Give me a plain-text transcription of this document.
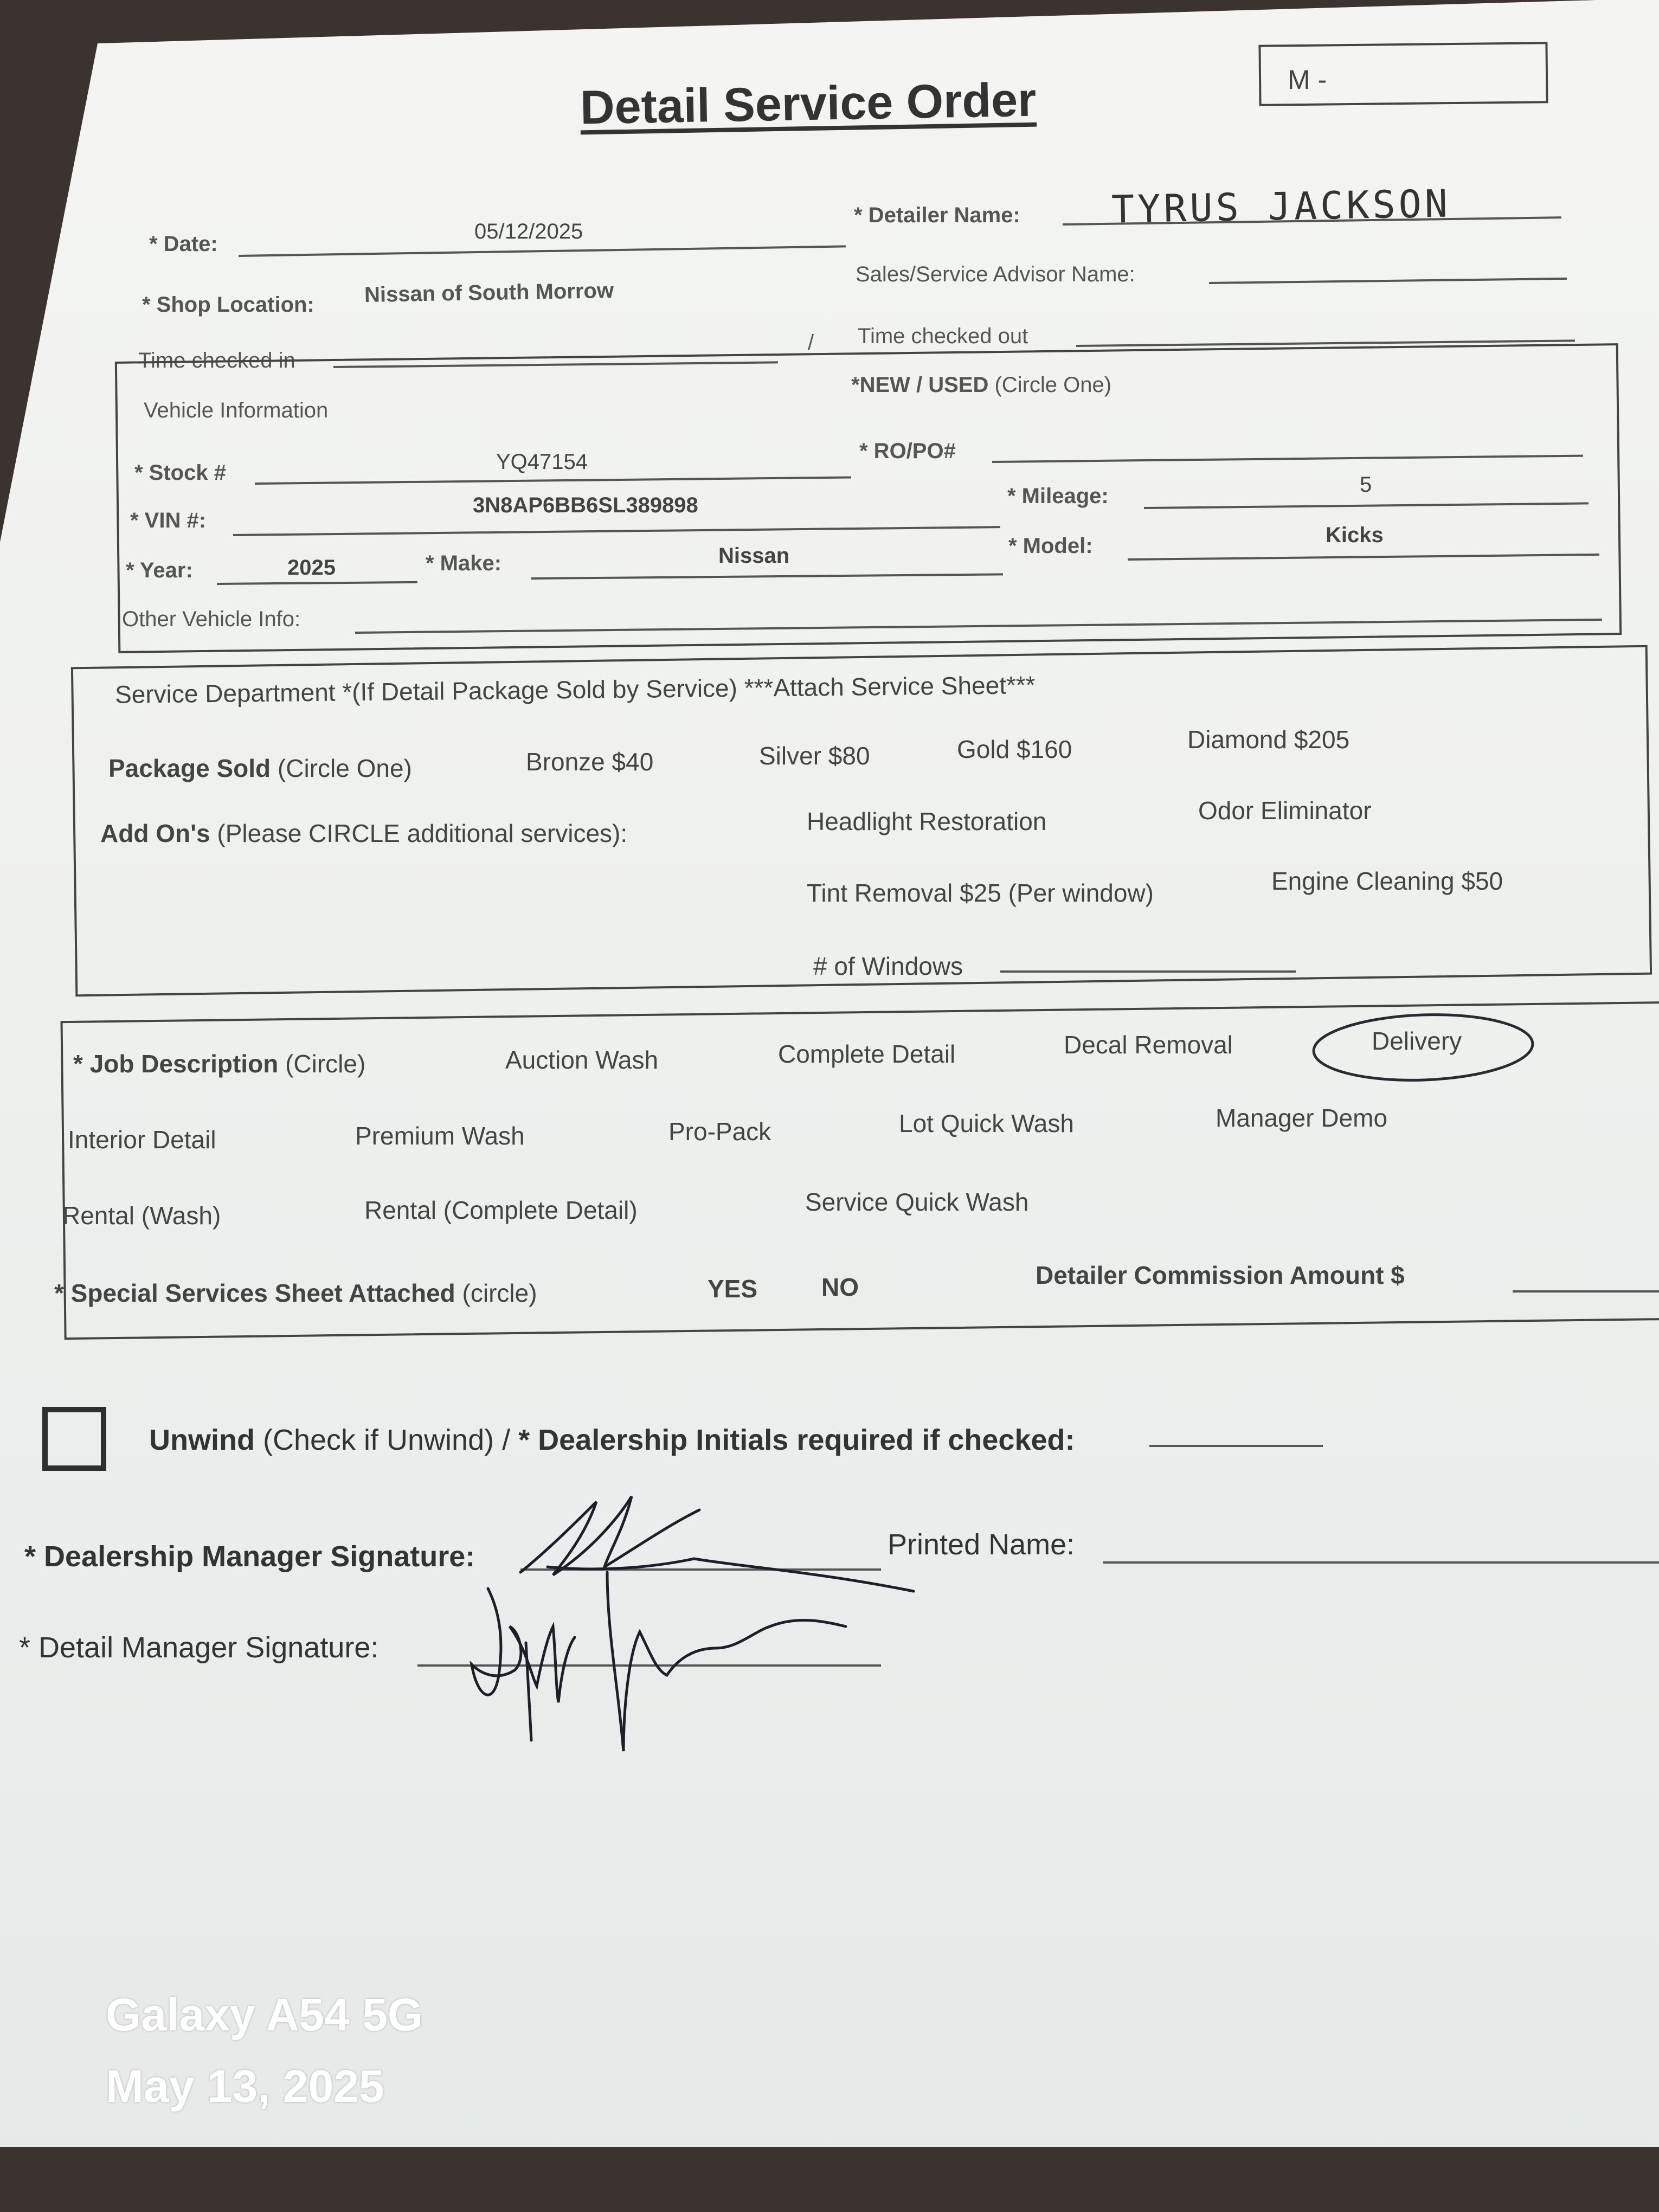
Detail Service Order	M -
* Date:
05/12/2025
* Detailer Name: TYRUS JACKSON
* Shop Location: Nissan of South Morrow
Sales/Service Advisor Name:
Time checked in
/ Time checked out
*NEW / USED (Circle One)
Vehicle Information
* Stock #	YQ47154	* RO/PO#
* VIN #:
3N8AP6BB6SL389898	* Mileage:	5
* Year:	2025	* Make:	Nissan	* Model:	Kicks
Other Vehicle Info:
Service Department *(If Detail Package Sold by Service) ***Attach Service Sheet***
Package Sold (Circle One)	Bronze $40	Silver $80	Gold $160	Diamond $205
Add On's (Please CIRCLE additional services):	Headlight Restoration	Odor Eliminator
Tint Removal $25 (Per window)	Engine Cleaning $50
# of Windows
* Job Description (Circle)	Auction Wash	Complete Detail	Decal Removal	Delivery
Interior Detail	Premium Wash	Pro-Pack	Lot Quick Wash	Manager Demo
Rental (Wash)	Rental (Complete Detail)	Service Quick Wash
* Special Services Sheet Attached (circle)	YES	NO	Detailer Commission Amount $
Unwind (Check if Unwind) / * Dealership Initials required if checked:
* Dealership Manager Signature:	Printed Name:
* Detail Manager Signature:
Galaxy A54 5G
May 13, 2025
